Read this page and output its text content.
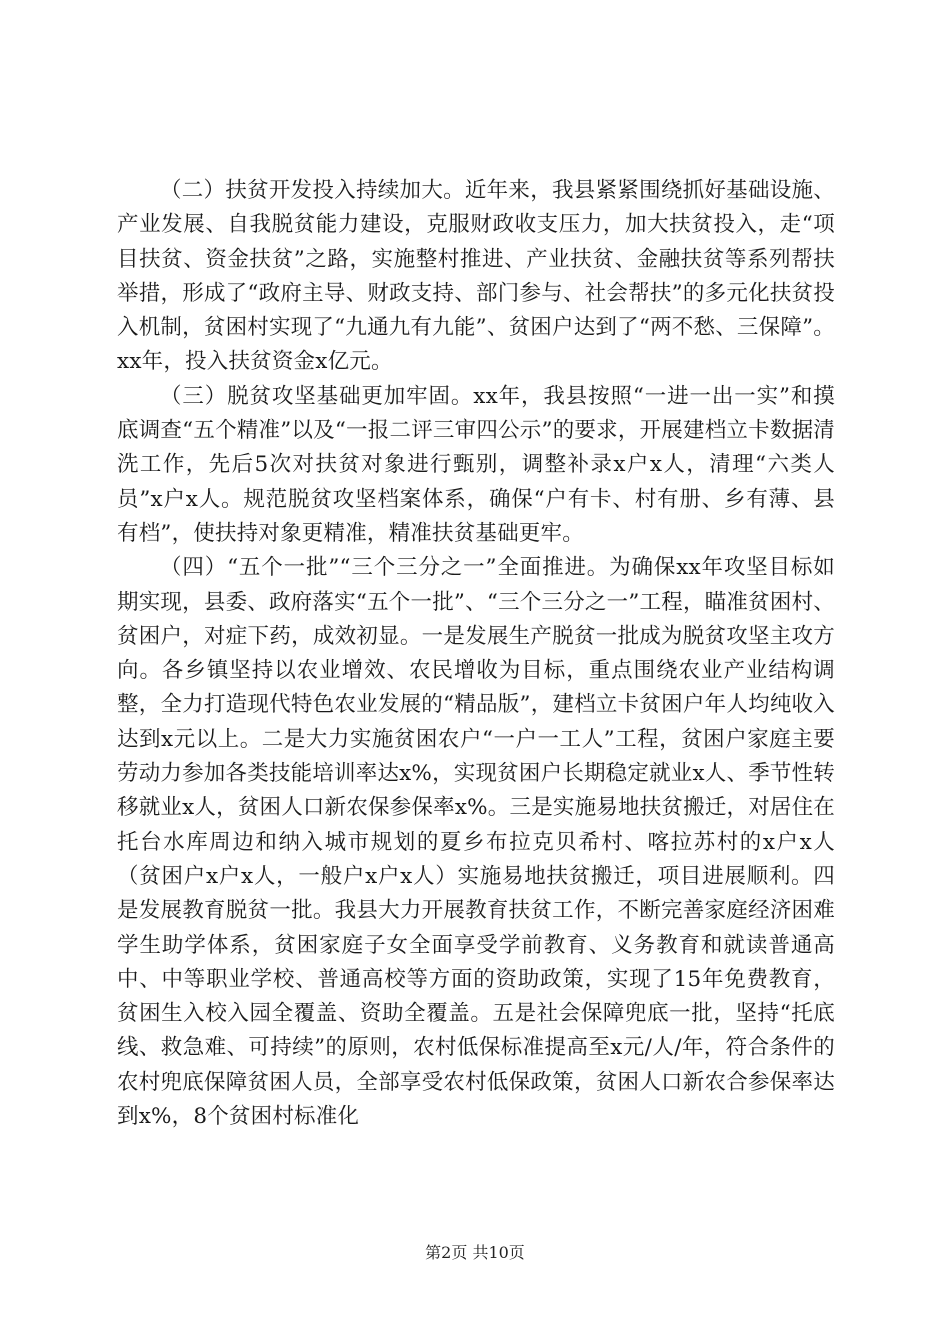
（二）扶贫开发投入持续加大。近年来，我县紧紧围绕抓好基础设施、产业发展、自我脱贫能力建设，克服财政收支压力，加大扶贫投入，走“项目扶贫、资金扶贫”之路，实施整村推进、产业扶贫、金融扶贫等系列帮扶举措，形成了“政府主导、财政支持、部门参与、社会帮扶”的多元化扶贫投入机制，贫困村实现了“九通九有九能”、贫困户达到了“两不愁、三保障”。xx年，投入扶贫资金x亿元。

（三）脱贫攻坚基础更加牢固。xx年，我县按照“一进一出一实”和摸底调查“五个精准”以及“一报二评三审四公示”的要求，开展建档立卡数据清洗工作，先后5次对扶贫对象进行甄别，调整补录x户x人，清理“六类人员”x户x人。规范脱贫攻坚档案体系，确保“户有卡、村有册、乡有薄、县有档”，使扶持对象更精准，精准扶贫基础更牢。

（四）“五个一批”“三个三分之一”全面推进。为确保xx年攻坚目标如期实现，县委、政府落实“五个一批”、“三个三分之一”工程，瞄准贫困村、贫困户，对症下药，成效初显。一是发展生产脱贫一批成为脱贫攻坚主攻方向。各乡镇坚持以农业增效、农民增收为目标，重点围绕农业产业结构调整，全力打造现代特色农业发展的“精品版”，建档立卡贫困户年人均纯收入达到x元以上。二是大力实施贫困农户“一户一工人”工程，贫困户家庭主要劳动力参加各类技能培训率达x%，实现贫困户长期稳定就业x人、季节性转移就业x人，贫困人口新农保参保率x%。三是实施易地扶贫搬迁，对居住在托台水库周边和纳入城市规划的夏乡布拉克贝希村、喀拉苏村的x户x人（贫困户x户x人，一般户x户x人）实施易地扶贫搬迁，项目进展顺利。四是发展教育脱贫一批。我县大力开展教育扶贫工作，不断完善家庭经济困难学生助学体系，贫困家庭子女全面享受学前教育、义务教育和就读普通高中、中等职业学校、普通高校等方面的资助政策，实现了15年免费教育，贫困生入校入园全覆盖、资助全覆盖。五是社会保障兜底一批，坚持“托底线、救急难、可持续”的原则，农村低保标准提高至x元/人/年，符合条件的农村兜底保障贫困人员，全部享受农村低保政策，贫困人口新农合参保率达到x%，8个贫困村标准化

第2页 共10页
